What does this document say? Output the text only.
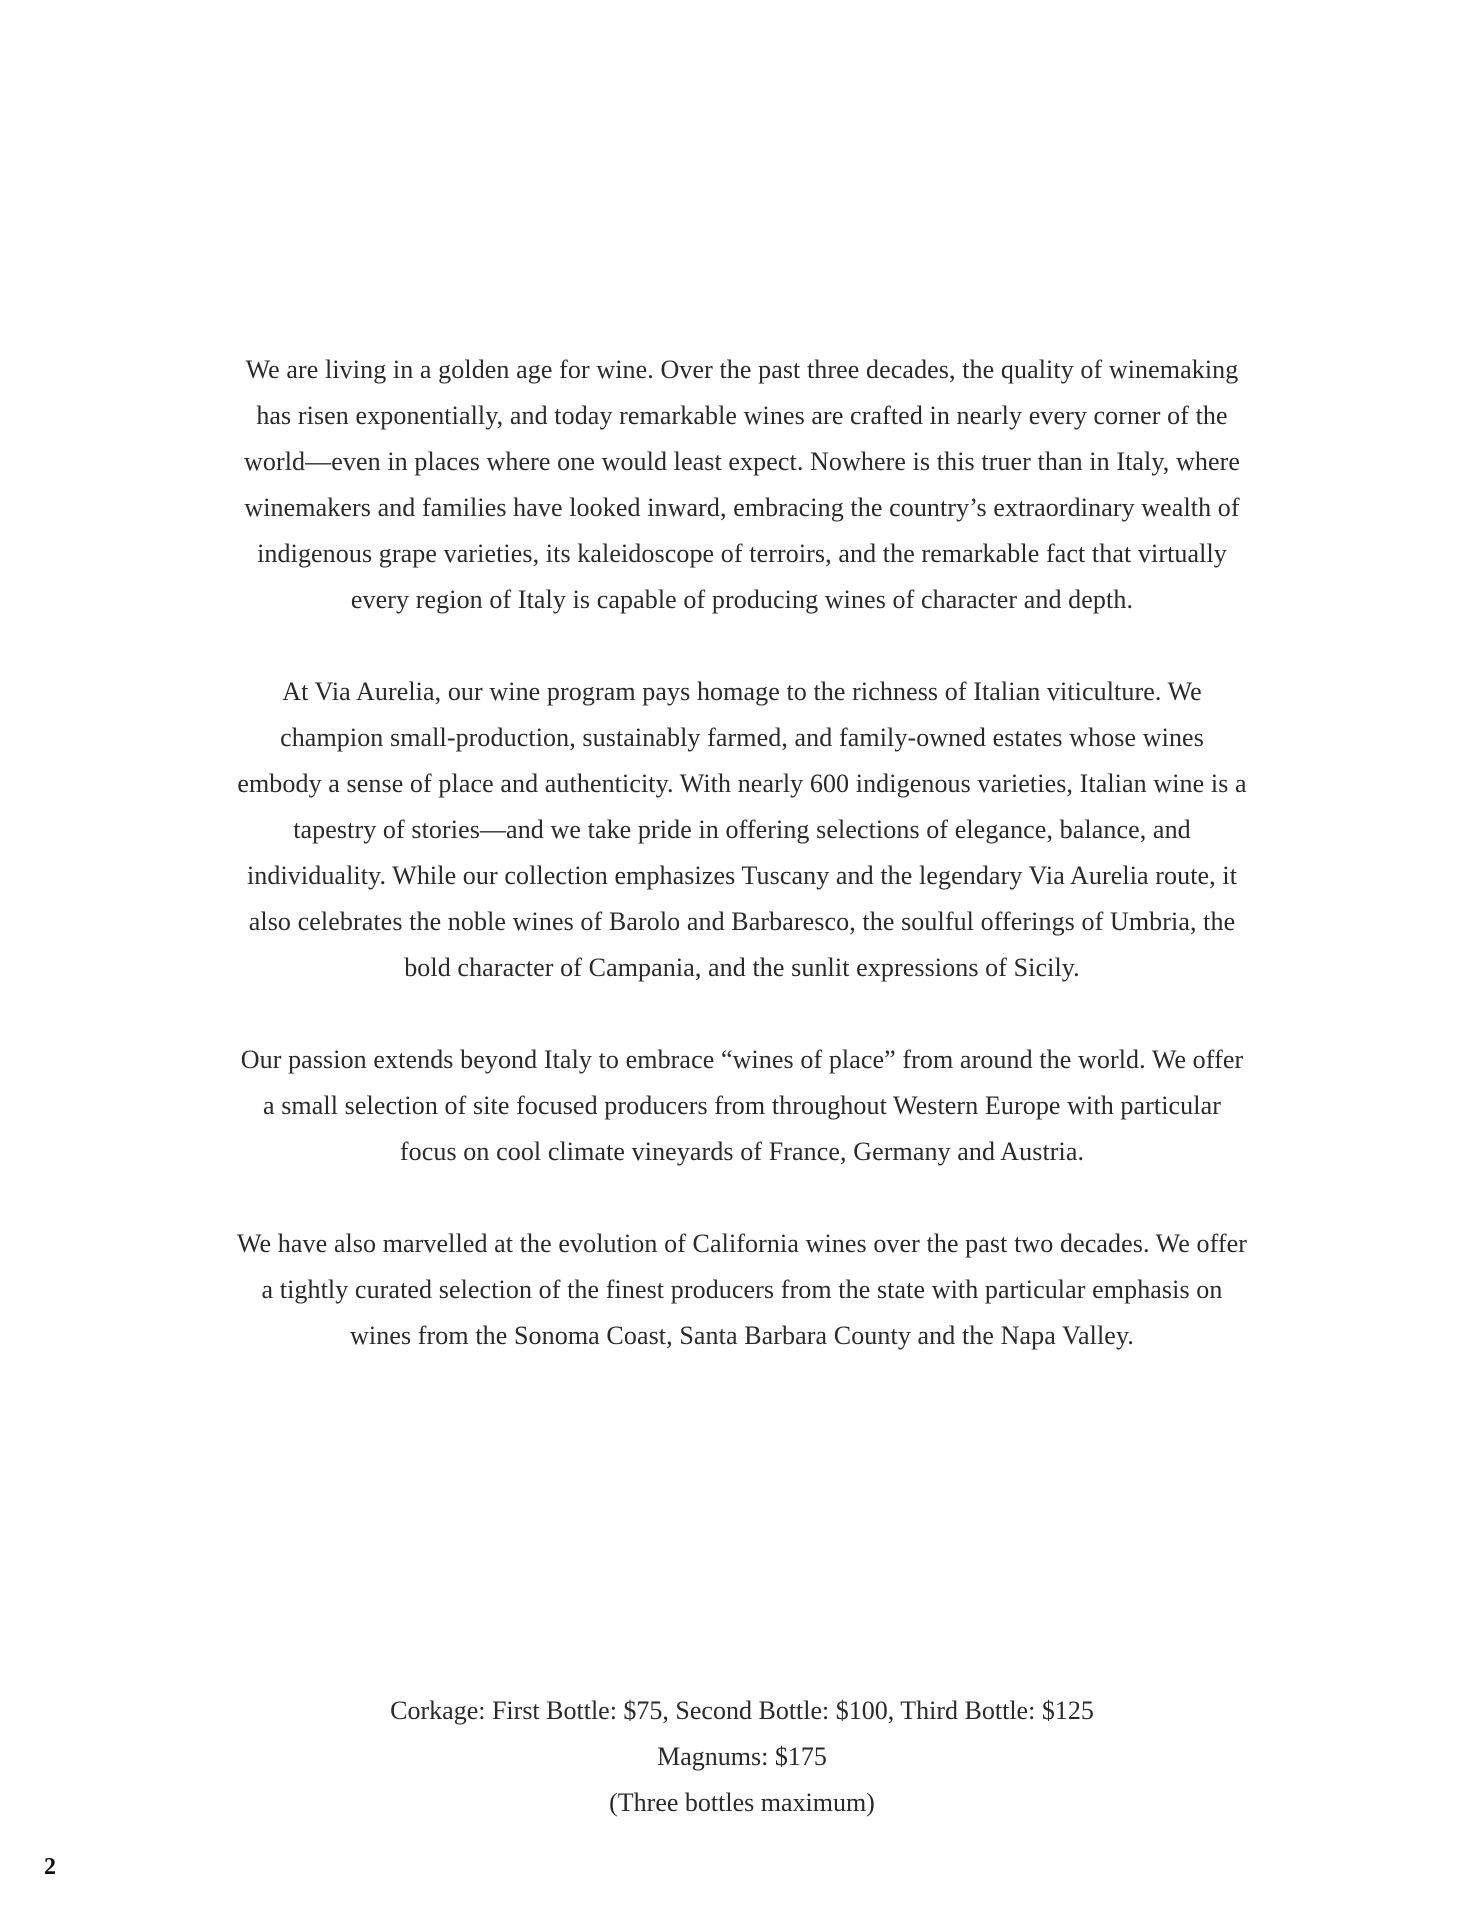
We are living in a golden age for wine. Over the past three decades, the quality of winemaking has risen exponentially, and today remarkable wines are crafted in nearly every corner of the world—even in places where one would least expect. Nowhere is this truer than in Italy, where winemakers and families have looked inward, embracing the country’s extraordinary wealth of indigenous grape varieties, its kaleidoscope of terroirs, and the remarkable fact that virtually every region of Italy is capable of producing wines of character and depth.

At Via Aurelia, our wine program pays homage to the richness of Italian viticulture. We champion small-production, sustainably farmed, and family-owned estates whose wines embody a sense of place and authenticity. With nearly 600 indigenous varieties, Italian wine is a tapestry of stories—and we take pride in offering selections of elegance, balance, and individuality. While our collection emphasizes Tuscany and the legendary Via Aurelia route, it also celebrates the noble wines of Barolo and Barbaresco, the soulful offerings of Umbria, the bold character of Campania, and the sunlit expressions of Sicily.

Our passion extends beyond Italy to embrace “wines of place” from around the world. We offer a small selection of site focused producers from throughout Western Europe with particular focus on cool climate vineyards of France, Germany and Austria.

We have also marvelled at the evolution of California wines over the past two decades. We offer a tightly curated selection of the finest producers from the state with particular emphasis on wines from the Sonoma Coast, Santa Barbara County and the Napa Valley.

Corkage: First Bottle: $75, Second Bottle: $100, Third Bottle: $125
Magnums: $175
(Three bottles maximum)
2
